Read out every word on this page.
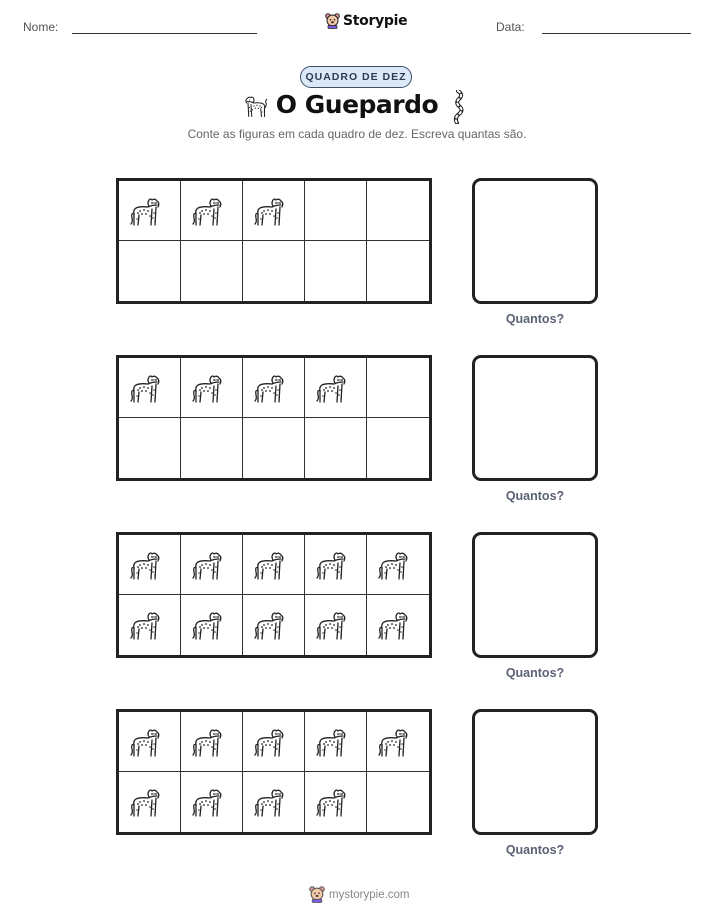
Nome:	Storypie	Data:
QUADRO DE DEZ
O Guepardo
Conte as figuras em cada quadro de dez. Escreva quantas são.
Quantos?
Quantos?
Quantos?
Quantos?
mystorypie.com
